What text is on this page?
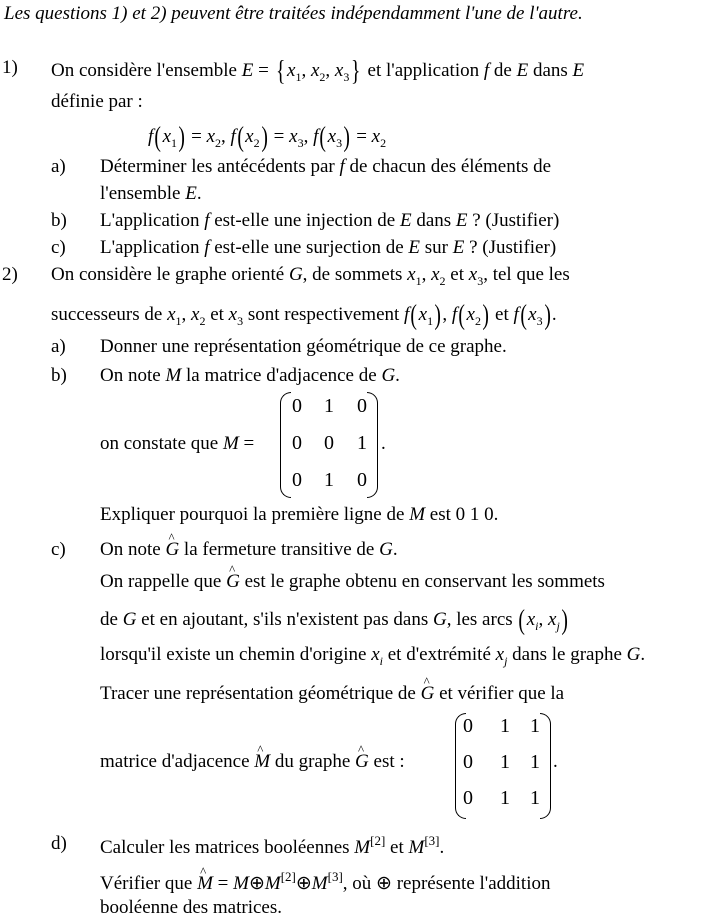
Les questions 1) et 2) peuvent être traitées indépendamment l'une de l'autre.
1) On considère l'ensemble E = { $x_1$, $x_2$, $x_3$} et l'application f de E dans E
définie par :
$f(x_1) = x_2$, $f(x_2) = x_3$, $f(x_3) = x_2$
a) Déterminer les antécédents par f de chacun des éléments de
l'ensemble E.
b) L'application f est-elle une injection de E dans E ? (Justifier)
c) L'application f est-elle une surjection de E sur E ? (Justifier)
2) On considère le graphe orienté G, de sommets $x_1$, $x_2$ et $x_3$, tel que les
successeurs de $x_1$, $x_2$ et $x_3$ sont respectivement $f(x_1)$, $f(x_2)$ et $f(x_3)$.
a) Donner une représentation géométrique de ce graphe.
b) On note M la matrice d'adjacence de G.
on constate que M =
0 1 0
0 0 1
0 1 0
.
Expliquer pourquoi la première ligne de M est 0 1 0.
c) On note ^ G la fermeture transitive de G.
On rappelle que ^ G est le graphe obtenu en conservant les sommets
de G et en ajoutant, s'ils n'existent pas dans G, les arcs ($x_i$, $x_j$)
lorsqu'il existe un chemin d'origine $x_i$ et d'extrémité $x_j$ dans le graphe G.
Tracer une représentation géométrique de ^ G et vérifier que la
matrice d'adjacence ^ M du graphe ^ G est :
0 1 1
0 1 1
0 1 1
.
d) Calculer les matrices booléennes M[2] et M[3].
Vérifier que ^ M = M⊕M[2]⊕M[3], où ⊕ représente l'addition
booléenne des matrices.
